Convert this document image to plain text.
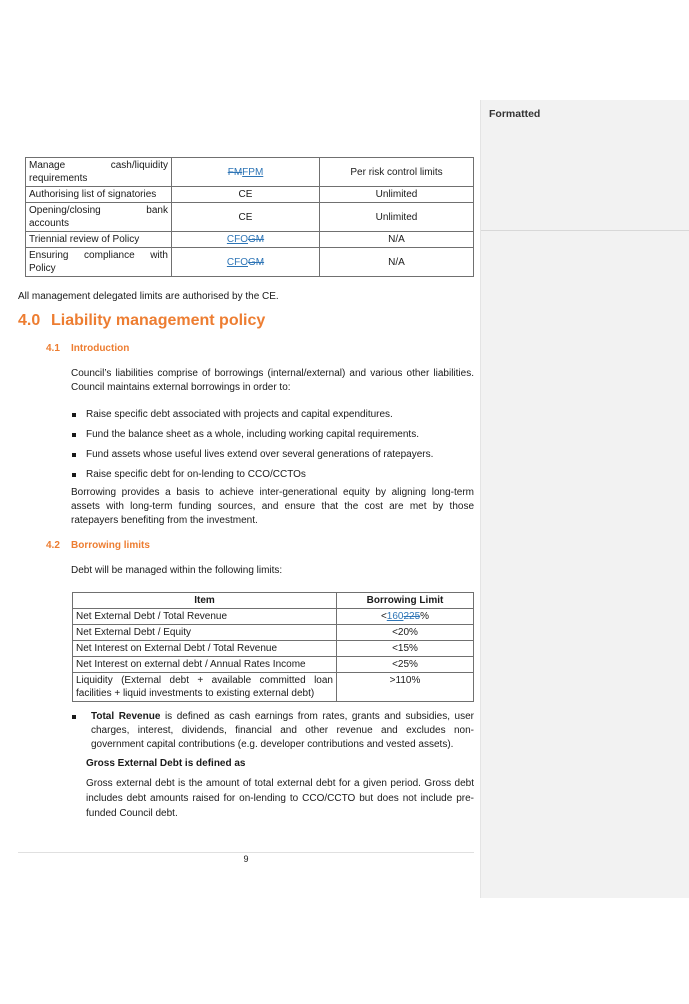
Manage cash/liquidity
requirements	FMFPM	Per risk control limits
Authorising list of signatories	CE	Unlimited

Opening/closing bank
accounts	CE	Unlimited
Triennial review of Policy	CFOGM	N/A

Ensuring compliance with
Policy	CFOGM	N/A
All management delegated limits are authorised by the CE.
4.0 Liability management policy
4.1 Introduction
Council’s liabilities comprise of borrowings (internal/external) and various other liabilities. Council maintains external borrowings in order to:
Raise specific debt associated with projects and capital expenditures.
Fund the balance sheet as a whole, including working capital requirements.
Fund assets whose useful lives extend over several generations of ratepayers.
Raise specific debt for on-lending to CCO/CCTOs
Borrowing provides a basis to achieve inter-generational equity by aligning long-term assets with long-term funding sources, and ensure that the cost are met by those ratepayers benefiting from the investment.
4.2 Borrowing limits
Debt will be managed within the following limits:
Item	Borrowing Limit
Net External Debt / Total Revenue	<160225%
Net External Debt / Equity	<20%
Net Interest on External Debt / Total Revenue	<15%
Net Interest on external debt / Annual Rates Income	<25%

Liquidity (External debt + available committed loan
facilities + liquid investments to existing external debt)	>110%
Total Revenue is defined as cash earnings from rates, grants and subsidies, user charges, interest, dividends, financial and other revenue and excludes non-government capital contributions (e.g. developer contributions and vested assets).
Gross External Debt is defined as
Gross external debt is the amount of total external debt for a given period. Gross debt includes debt amounts raised for on-lending to CCO/CCTO but does not include pre-funded Council debt.
9
Formatted
